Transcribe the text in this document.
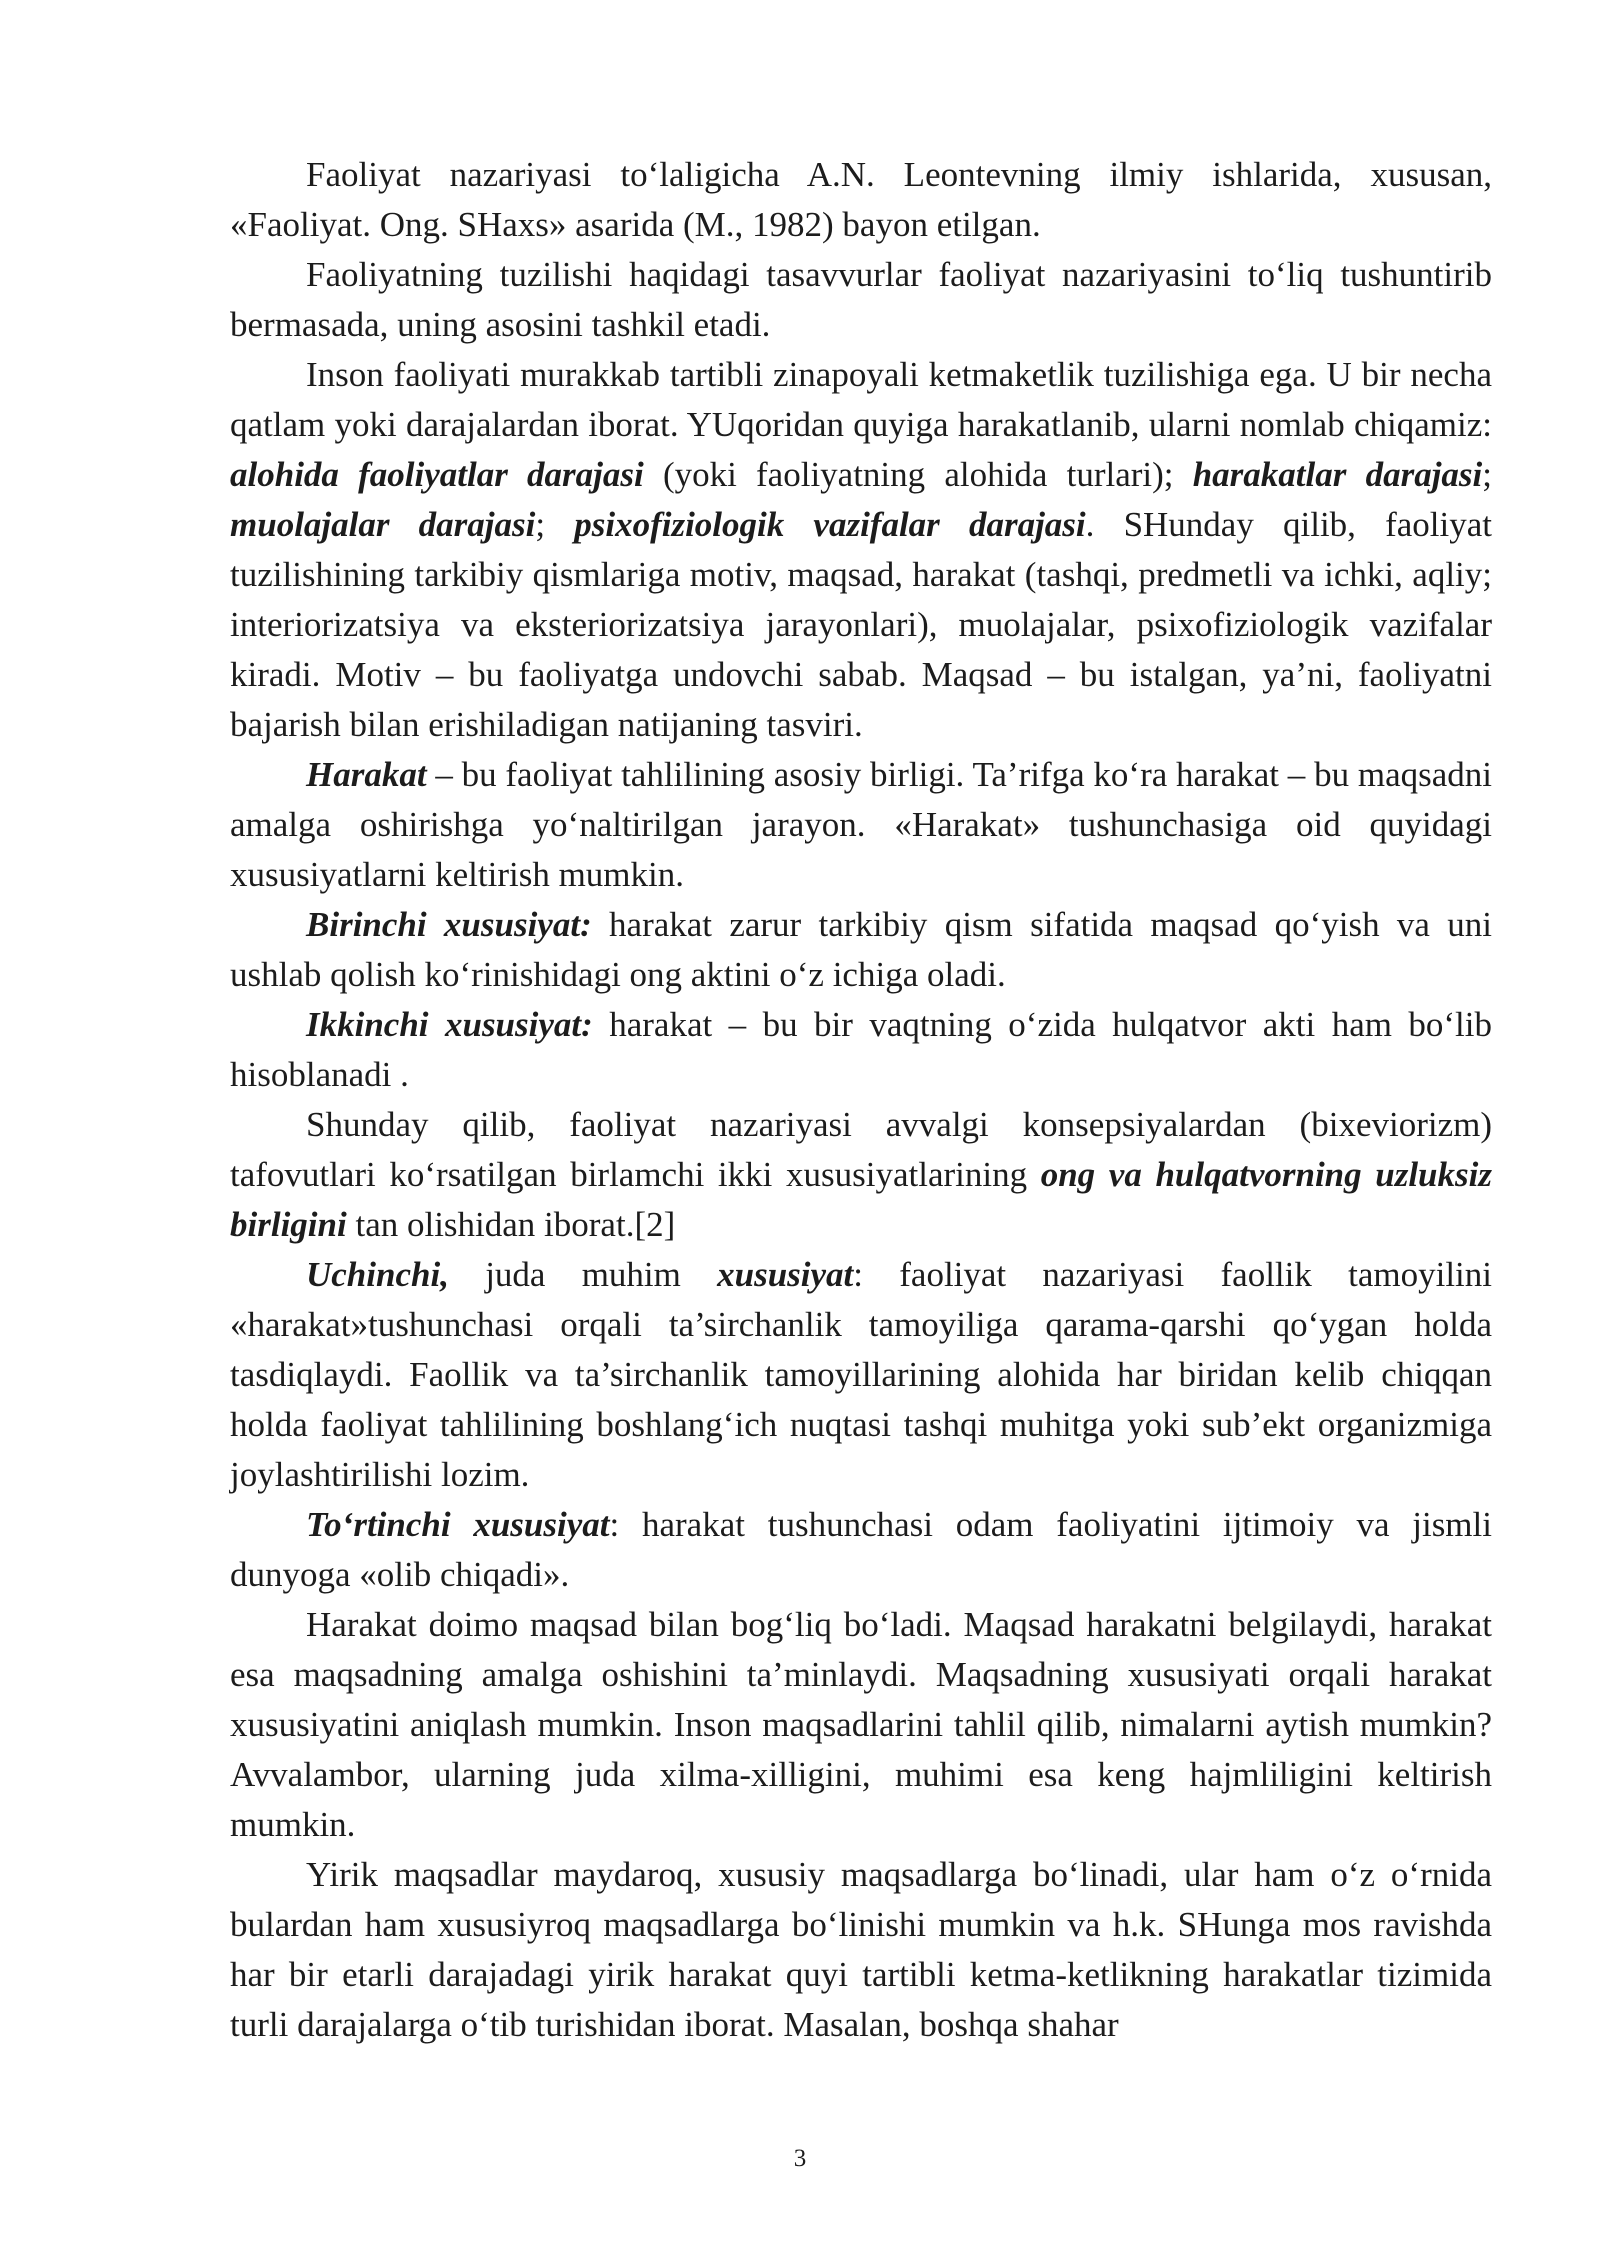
Faoliyat nazariyasi to‘laligicha A.N. Leontevning ilmiy ishlarida, xususan, «Faoliyat. Ong. SHaxs» asarida (M., 1982) bayon etilgan.

Faoliyatning tuzilishi haqidagi tasavvurlar faoliyat nazariyasini to‘liq tushuntirib bermasada, uning asosini tashkil etadi.

Inson faoliyati murakkab tartibli zinapoyali ketmaketlik tuzilishiga ega. U bir necha qatlam yoki darajalardan iborat. YUqoridan quyiga harakatlanib, ularni nomlab chiqamiz: alohida faoliyatlar darajasi (yoki faoliyatning alohida turlari); harakatlar darajasi; muolajalar darajasi; psixofiziologik vazifalar darajasi. SHunday qilib, faoliyat tuzilishining tarkibiy qismlariga motiv, maqsad, harakat (tashqi, predmetli va ichki, aqliy; interiorizatsiya va eksteriorizatsiya jarayonlari), muolajalar, psixofiziologik vazifalar kiradi. Motiv – bu faoliyatga undovchi sabab. Maqsad – bu istalgan, ya’ni, faoliyatni bajarish bilan erishiladigan natijaning tasviri.

Harakat – bu faoliyat tahlilining asosiy birligi. Ta’rifga ko‘ra harakat – bu maqsadni amalga oshirishga yo‘naltirilgan jarayon. «Harakat» tushunchasiga oid quyidagi xususiyatlarni keltirish mumkin.

Birinchi xususiyat: harakat zarur tarkibiy qism sifatida maqsad qo‘yish va uni ushlab qolish ko‘rinishidagi ong aktini o‘z ichiga oladi.

Ikkinchi xususiyat: harakat – bu bir vaqtning o‘zida hulqatvor akti ham bo‘lib hisoblanadi .

Shunday qilib, faoliyat nazariyasi avvalgi konsepsiyalardan (bixeviorizm) tafovutlari ko‘rsatilgan birlamchi ikki xususiyatlarining ong va hulqatvorning uzluksiz birligini tan olishidan iborat.[2]

Uchinchi, juda muhim xususiyat: faoliyat nazariyasi faollik tamoyilini «harakat»tushunchasi orqali ta’sirchanlik tamoyiliga qarama-qarshi qo‘ygan holda tasdiqlaydi. Faollik va ta’sirchanlik tamoyillarining alohida har biridan kelib chiqqan holda faoliyat tahlilining boshlang‘ich nuqtasi tashqi muhitga yoki sub’ekt organizmiga joylashtirilishi lozim.

To‘rtinchi xususiyat: harakat tushunchasi odam faoliyatini ijtimoiy va jismli dunyoga «olib chiqadi».

Harakat doimo maqsad bilan bog‘liq bo‘ladi. Maqsad harakatni belgilaydi, harakat esa maqsadning amalga oshishini ta’minlaydi. Maqsadning xususiyati orqali harakat xususiyatini aniqlash mumkin. Inson maqsadlarini tahlil qilib, nimalarni aytish mumkin? Avvalambor, ularning juda xilma-xilligini, muhimi esa keng hajmliligini keltirish mumkin.

Yirik maqsadlar maydaroq, xususiy maqsadlarga bo‘linadi, ular ham o‘z o‘rnida bulardan ham xususiyroq maqsadlarga bo‘linishi mumkin va h.k. SHunga mos ravishda har bir etarli darajadagi yirik harakat quyi tartibli ketma-ketlikning harakatlar tizimida turli darajalarga o‘tib turishidan iborat. Masalan, boshqa shahar

3
